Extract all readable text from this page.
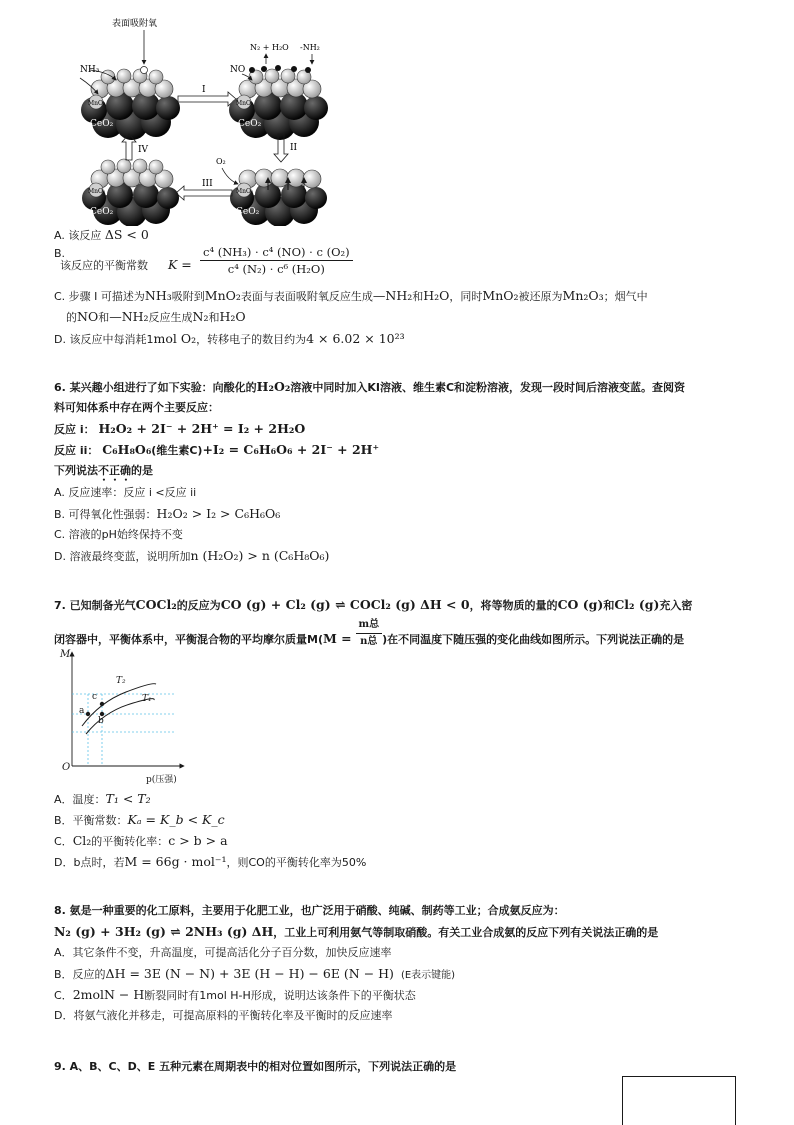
NH₃
表面吸附氧
MnO₂
CeO₂
I
N₂ + H₂O -NH₂
NO
MnO₂
CeO₂
II
O₂
MnO₂
CeO₂
III
MnO₂
CeO₂
IV
A. 该反应 ΔS < 0
B.
该反应的平衡常数 $K = \frac{\text{c⁴ (NH₃) · c⁴ (NO) · c (O₂)}}{\text{c⁴ (N₂) · c⁶ (H₂O)}}$
C. 步骤 I 可描述为NH₃吸附到MnO₂表面与表面吸附氧反应生成—NH₂和H₂O，同时MnO₂被还原为Mn₂O₃；烟气中
的NO和—NH₂反应生成N₂和H₂O
D. 该反应中每消耗1mol O₂，转移电子的数目约为4 × 6.02 × 10²³
6. 某兴趣小组进行了如下实验：向酸化的H₂O₂溶液中同时加入KI溶液、维生素C和淀粉溶液，发现一段时间后溶液变蓝。查阅资
料可知体系中存在两个主要反应：
反应 i： H₂O₂ + 2I⁻ + 2H⁺ = I₂ + 2H₂O
反应 ii： C₆H₈O₆(维生素C)+I₂ = C₆H₆O₆ + 2I⁻ + 2H⁺
下列说法不正确的是
A. 反应速率：反应 i <反应 ii
B. 可得氧化性强弱：H₂O₂ > I₂ > C₆H₆O₆
C. 溶液的pH始终保持不变
D. 溶液最终变蓝，说明所加n (H₂O₂) > n (C₆H₈O₆)
7. 已知制备光气COCl₂的反应为CO (g) + Cl₂ (g) ⇌ COCl₂ (g) ΔH < 0，将等物质的量的CO (g)和Cl₂ (g)充入密
闭容器中，平衡体系中，平衡混合物的平均摩尔质量$M(M = \frac{\text{m总}}{\text{n总}}$ )在不同温度下随压强的变化曲线如图所示。下列说法正确的是
M
O
p(压强)
T₂
T₁
a
b
c
A．温度：T₁ < T₂
B．平衡常数：Kₐ = K_b < K_c
C．Cl₂的平衡转化率：c > b > a
D．b点时，若M = 66g · mol⁻¹，则CO的平衡转化率为50%
8. 氨是一种重要的化工原料，主要用于化肥工业，也广泛用于硝酸、纯碱、制药等工业；合成氨反应为：
N₂ (g) + 3H₂ (g) ⇌ 2NH₃ (g) ΔH，工业上可利用氨气等制取硝酸。有关工业合成氨的反应下列有关说法正确的是
A．其它条件不变，升高温度，可提高活化分子百分数，加快反应速率
B．反应的ΔH = 3E (N − N) + 3E (H − H) − 6E (N − H) (E表示键能)
C．2molN − H断裂同时有1mol H-H形成，说明达该条件下的平衡状态
D．将氨气液化并移走，可提高原料的平衡转化率及平衡时的反应速率
9. A、B、C、D、E 五种元素在周期表中的相对位置如图所示，下列说法正确的是
